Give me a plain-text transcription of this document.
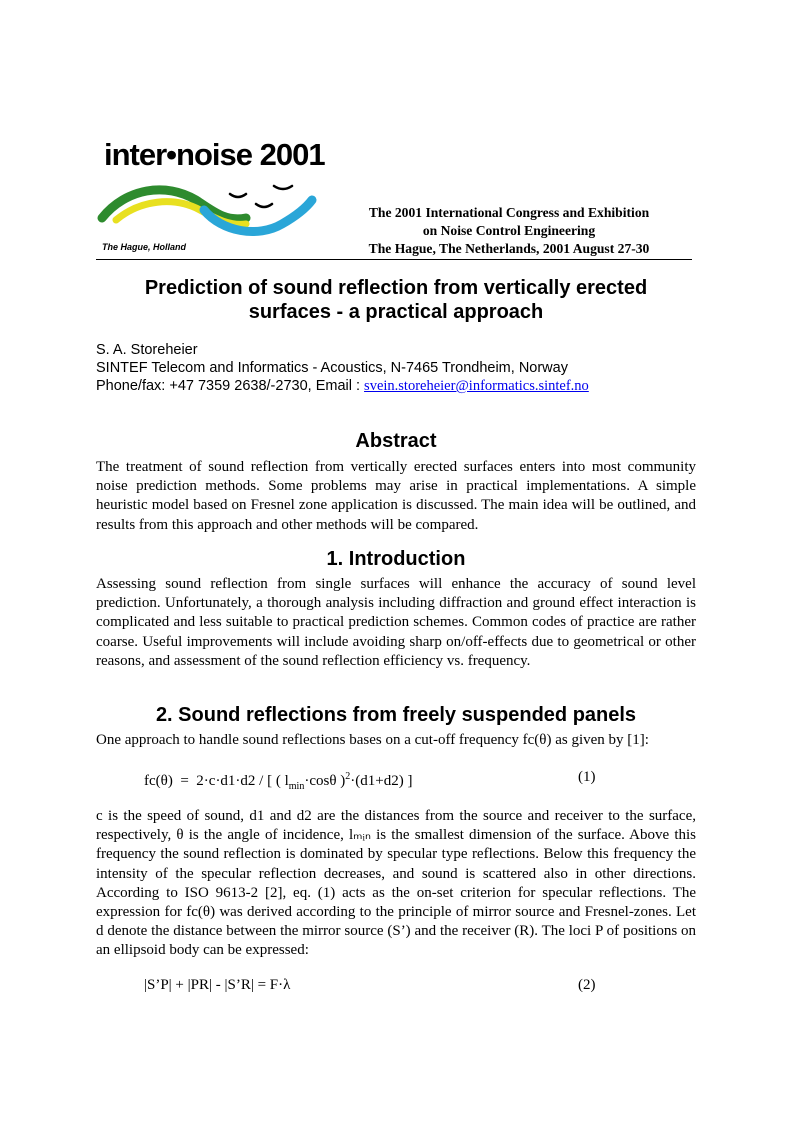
inter•noise 2001
The Hague, Holland
The 2001 International Congress and Exhibition
on Noise Control Engineering
The Hague, The Netherlands, 2001 August 27-30
Prediction of sound reflection from vertically erected
surfaces - a practical approach
S. A. Storeheier
SINTEF Telecom and Informatics - Acoustics, N-7465 Trondheim, Norway
Phone/fax: +47 7359 2638/-2730, Email : svein.storeheier@informatics.sintef.no
Abstract

The treatment of sound reflection from vertically erected surfaces enters into most community noise prediction methods. Some problems may arise in practical implementations. A simple heuristic model based on Fresnel zone application is discussed. The main idea will be outlined, and results from this approach and other methods will be compared.

1. Introduction

Assessing sound reflection from single surfaces will enhance the accuracy of sound level prediction. Unfortunately, a thorough analysis including diffraction and ground effect interaction is complicated and less suitable to practical prediction schemes. Common codes of practice are rather coarse. Useful improvements will include avoiding sharp on/off-effects due to geometrical or other reasons, and assessment of the sound reflection efficiency vs. frequency.

2. Sound reflections from freely suspended panels

One approach to handle sound reflections bases on a cut-off frequency fc(θ) as given by [1]:

fc(θ)  =  2·c·d1·d2 / [ ( $l_{min}\cdot\cos\theta$ )$^2$·(d1+d2) ]	(1)

c is the speed of sound, d1 and d2 are the distances from the source and receiver to the surface, respectively, θ is the angle of incidence, lₘᵢₙ is the smallest dimension of the surface. Above this frequency the sound reflection is dominated by specular type reflections. Below this frequency the intensity of the specular reflection decreases, and sound is scattered also in other directions. According to ISO 9613-2 [2], eq. (1) acts as the on-set criterion for specular reflections. The expression for fc(θ) was derived according to the principle of mirror source and Fresnel-zones. Let d denote the distance between the mirror source (S’) and the receiver (R). The loci P of positions on an ellipsoid body can be expressed:

|S’P| + |PR| - |S’R| = F·λ	(2)
